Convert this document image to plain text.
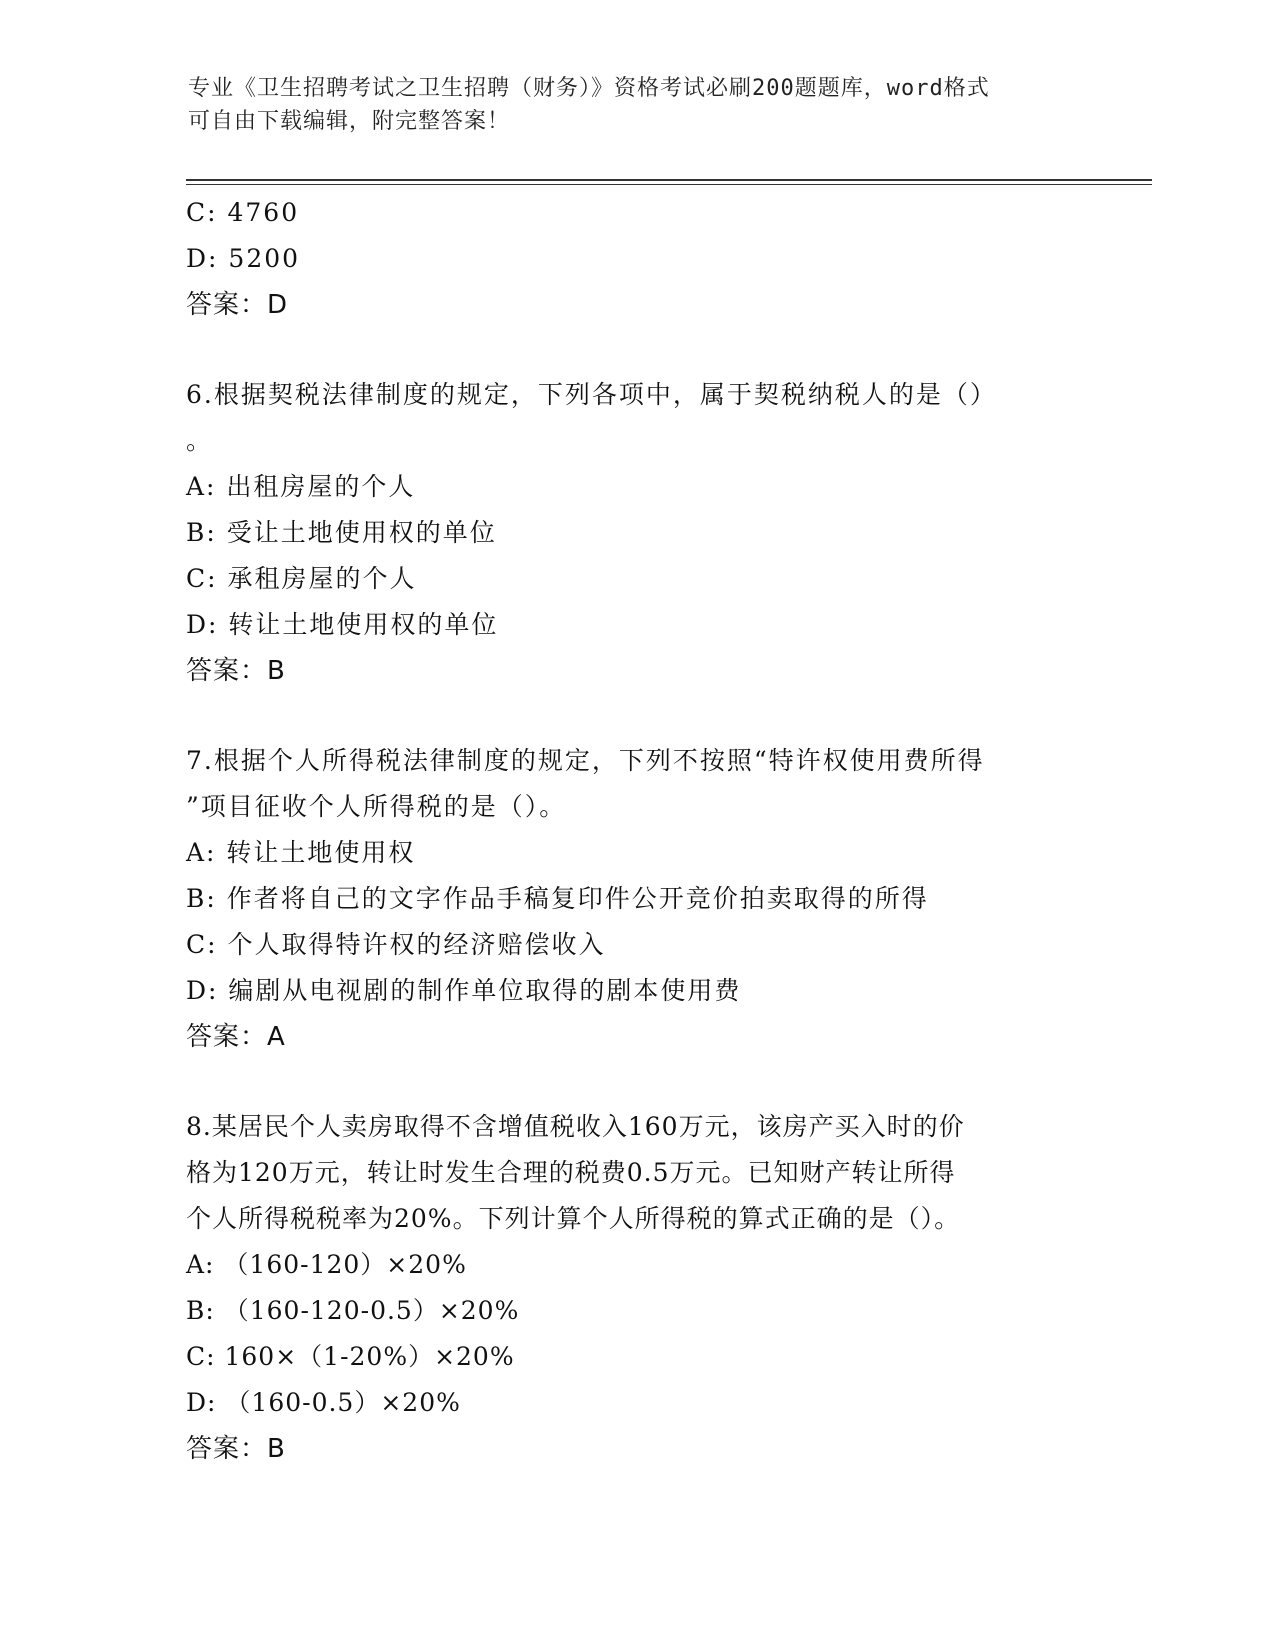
专业《卫生招聘考试之卫生招聘（财务）》资格考试必刷200题题库，word格式
可自由下载编辑，附完整答案！
C: 4760
D: 5200
答案：D
6.根据契税法律制度的规定，下列各项中，属于契税纳税人的是（）
。
A: 出租房屋的个人
B: 受让土地使用权的单位
C: 承租房屋的个人
D: 转让土地使用权的单位
答案：B
7.根据个人所得税法律制度的规定，下列不按照“特许权使用费所得
”项目征收个人所得税的是（）。
A: 转让土地使用权
B: 作者将自己的文字作品手稿复印件公开竞价拍卖取得的所得
C: 个人取得特许权的经济赔偿收入
D: 编剧从电视剧的制作单位取得的剧本使用费
答案：A
8.某居民个人卖房取得不含增值税收入160万元，该房产买入时的价
格为120万元，转让时发生合理的税费0.5万元。已知财产转让所得
个人所得税税率为20%。下列计算个人所得税的算式正确的是（）。
A: （160-120）×20%
B: （160-120-0.5）×20%
C: 160×（1-20%）×20%
D: （160-0.5）×20%
答案：B
